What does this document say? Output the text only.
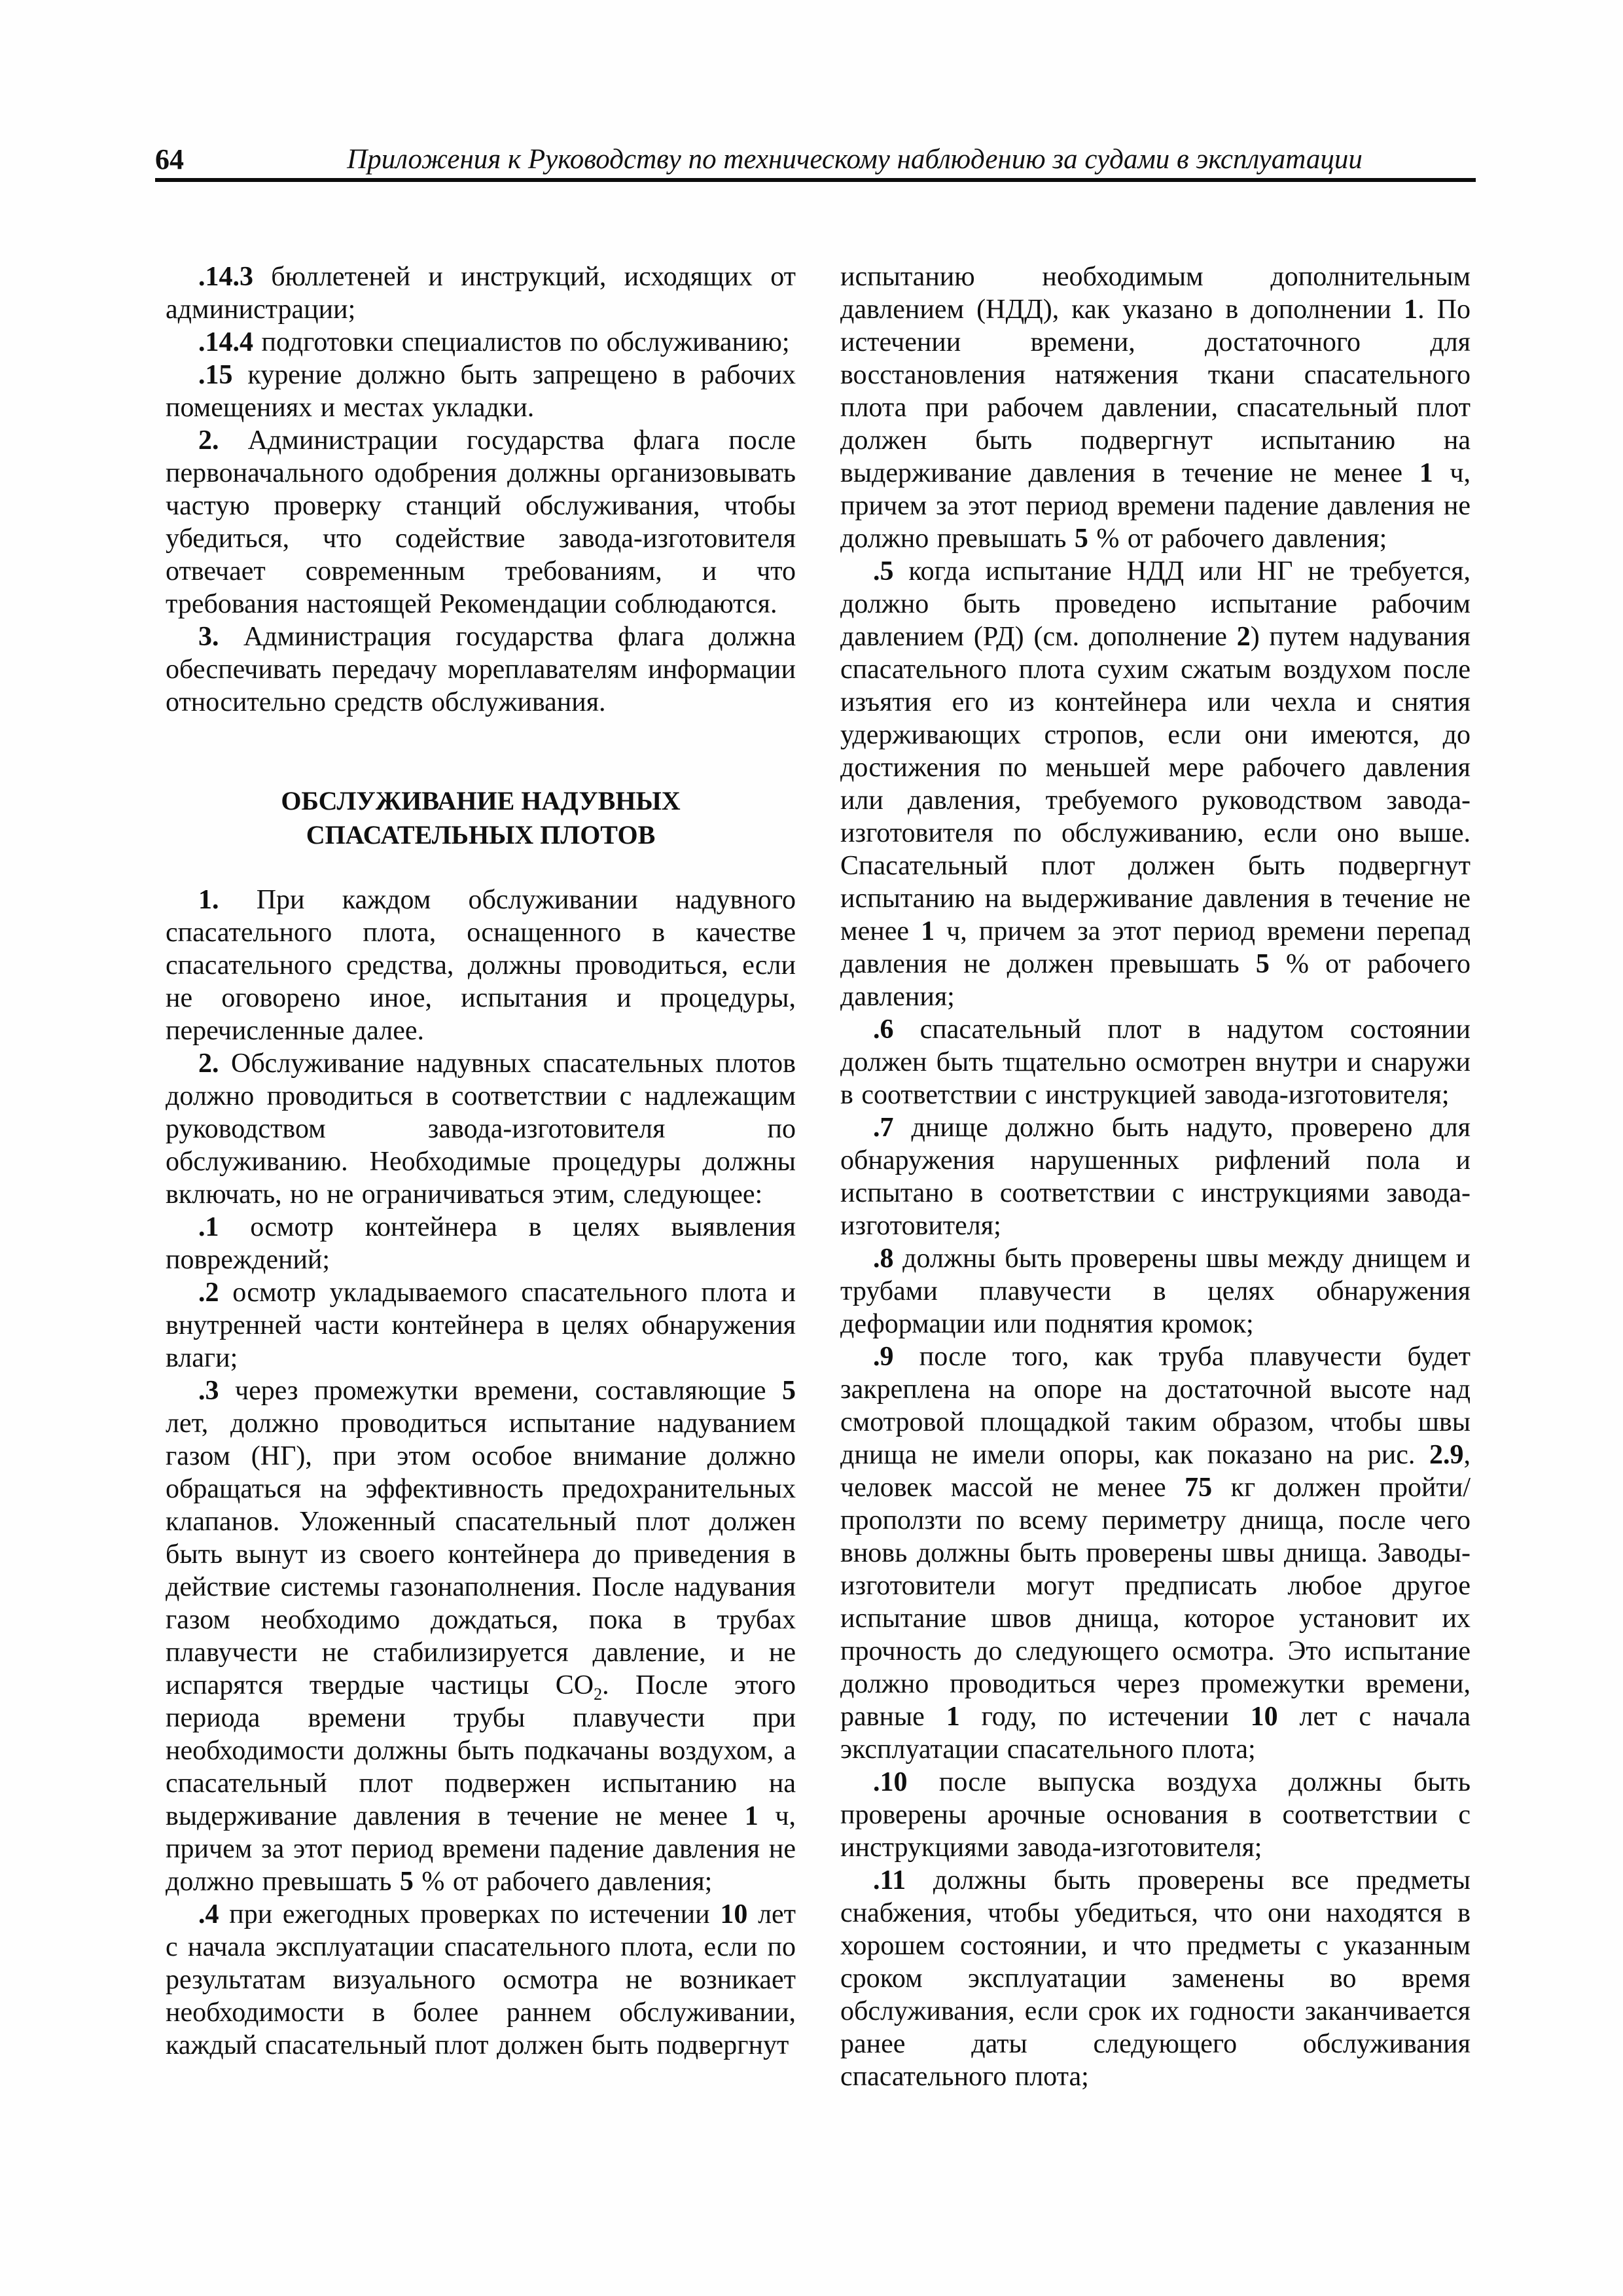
64	Приложения к Руководству по техническому наблюдению за судами в эксплуатации

.14.3 бюллетеней и инструкций, исходящих от администрации;

.14.4 подготовки специалистов по обслуживанию;

.15 курение должно быть запрещено в рабочих помещениях и местах укладки.

2. Администрации государства флага после первоначального одобрения должны организовывать частую проверку станций обслуживания, чтобы убедиться, что содействие завода-изготовителя отвечает современным требованиям, и что требования настоящей Рекомендации соблюдаются.

3. Администрация государства флага должна обеспечивать передачу мореплавателям информации относительно средств обслуживания.

ОБСЛУЖИВАНИЕ НАДУВНЫХ СПАСАТЕЛЬНЫХ ПЛОТОВ

1. При каждом обслуживании надувного спасательного плота, оснащенного в качестве спасательного средства, должны проводиться, если не оговорено иное, испытания и процедуры, перечисленные далее.

2. Обслуживание надувных спасательных плотов должно проводиться в соответствии с надлежащим руководством завода-изготовителя по обслуживанию. Необходимые процедуры должны включать, но не ограничиваться этим, следующее:

.1 осмотр контейнера в целях выявления повреждений;

.2 осмотр укладываемого спасательного плота и внутренней части контейнера в целях обнаружения влаги;

.3 через промежутки времени, составляющие 5 лет, должно проводиться испытание надуванием газом (НГ), при этом особое внимание должно обращаться на эффективность предохранительных клапанов. Уложенный спасательный плот должен быть вынут из своего контейнера до приведения в действие системы газонаполнения. После надувания газом необходимо дождаться, пока в трубах плавучести не стабилизируется давление, и не испарятся твердые частицы $СО_2$. После этого периода времени трубы плавучести при необходимости должны быть подкачаны воздухом, а спасательный плот подвержен испытанию на выдерживание давления в течение не менее 1 ч, причем за этот период времени падение давления не должно превышать 5 % от рабочего давления;

.4 при ежегодных проверках по истечении 10 лет с начала эксплуатации спасательного плота, если по результатам визуального осмотра не возникает необходимости в более раннем обслуживании, каждый спасательный плот должен быть подвергнут

испытанию необходимым дополнительным давлением (НДД), как указано в дополнении 1. По истечении времени, достаточного для восстановления натяжения ткани спасательного плота при рабочем давлении, спасательный плот должен быть подвергнут испытанию на выдерживание давления в течение не менее 1 ч, причем за этот период времени падение давления не должно превышать 5 % от рабочего давления;

.5 когда испытание НДД или НГ не требуется, должно быть проведено испытание рабочим давлением (РД) (см. дополнение 2) путем надувания спасательного плота сухим сжатым воздухом после изъятия его из контейнера или чехла и снятия удерживающих стропов, если они имеются, до достижения по меньшей мере рабочего давления или давления, требуемого руководством завода-изготовителя по обслуживанию, если оно выше. Спасательный плот должен быть подвергнут испытанию на выдерживание давления в течение не менее 1 ч, причем за этот период времени перепад давления не должен превышать 5 % от рабочего давления;

.6 спасательный плот в надутом состоянии должен быть тщательно осмотрен внутри и снаружи в соответствии с инструкцией завода-изготовителя;

.7 днище должно быть надуто, проверено для обнаружения нарушенных рифлений пола и испытано в соответствии с инструкциями завода-изготовителя;

.8 должны быть проверены швы между днищем и трубами плавучести в целях обнаружения деформации или поднятия кромок;

.9 после того, как труба плавучести будет закреплена на опоре на достаточной высоте над смотровой площадкой таким образом, чтобы швы днища не имели опоры, как показано на рис. 2.9, человек массой не менее 75 кг должен пройти/проползти по всему периметру днища, после чего вновь должны быть проверены швы днища. Заводы-изготовители могут предписать любое другое испытание швов днища, которое установит их прочность до следующего осмотра. Это испытание должно проводиться через промежутки времени, равные 1 году, по истечении 10 лет с начала эксплуатации спасательного плота;

.10 после выпуска воздуха должны быть проверены арочные основания в соответствии с инструкциями завода-изготовителя;

.11 должны быть проверены все предметы снабжения, чтобы убедиться, что они находятся в хорошем состоянии, и что предметы с указанным сроком эксплуатации заменены во время обслуживания, если срок их годности заканчивается ранее даты следующего обслуживания спасательного плота;
